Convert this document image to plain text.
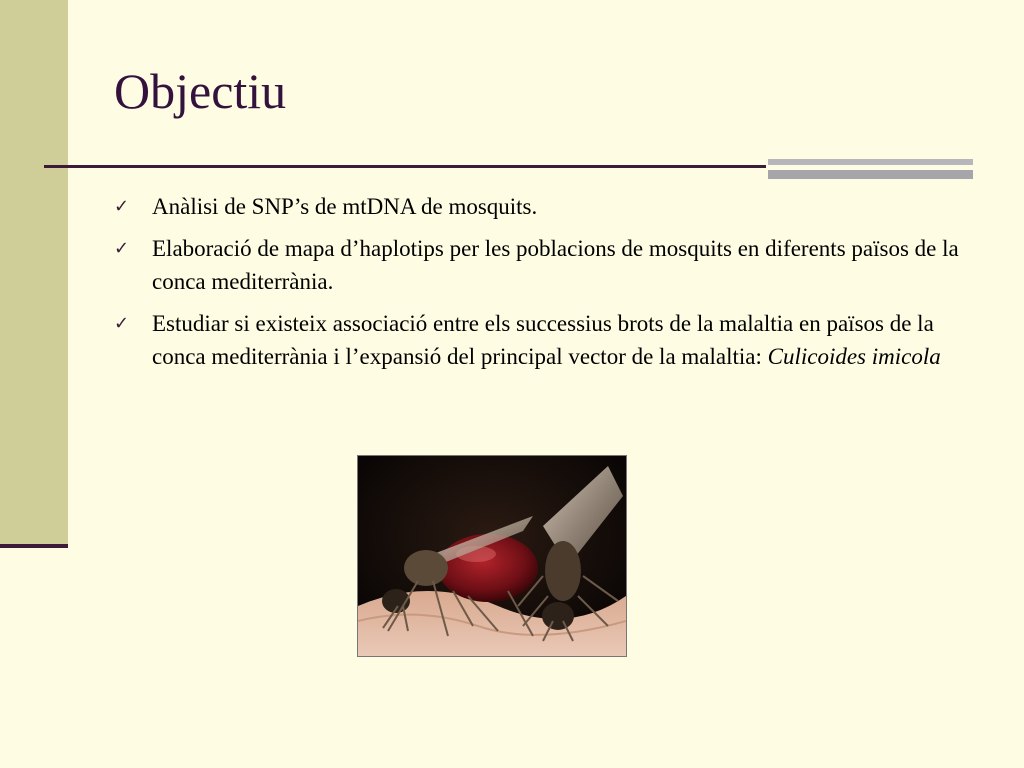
Objectiu
✓ Anàlisi de SNP’s de mtDNA de mosquits.
✓ Elaboració de mapa d’haplotips per les poblacions de mosquits en diferents països de la conca mediterrània.
✓ Estudiar si existeix associació entre els successius brots de la malaltia en països de la conca mediterrània i l’expansió del principal vector de la malaltia: Culicoides imicola
